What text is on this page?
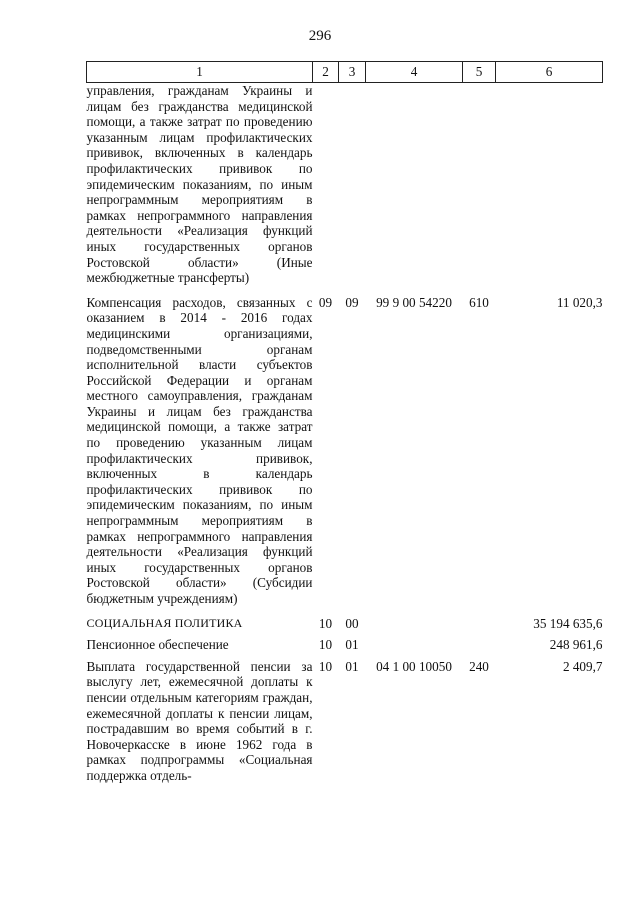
296
1	2	3	4	5	6
управления, гражданам Украины и лицам без гражданства медицинской помощи, а также затрат по проведению указанным лицам профилактических прививок, включенных в календарь профилактических прививок по эпидемическим показаниям, по иным непрограммным мероприятиям в рамках непрограммного направления деятельности «Реализация функций иных государственных органов Ростовской области» (Иные межбюджетные трансферты)					
Компенсация расходов, связанных с оказанием в 2014 - 2016 годах медицинскими организациями, подведомственными органам исполнительной власти субъектов Российской Федерации и органам местного самоуправления, гражданам Украины и лицам без гражданства медицинской помощи, а также затрат по проведению указанным лицам профилактических прививок, включенных в календарь профилактических прививок по эпидемическим показаниям, по иным непрограммным мероприятиям в рамках непрограммного направления деятельности «Реализация функций иных государственных органов Ростовской области» (Субсидии бюджетным учреждениям)	09	09	99 9 00 54220	610	11 020,3
СОЦИАЛЬНАЯ ПОЛИТИКА	10	00			35 194 635,6
Пенсионное обеспечение	10	01			248 961,6
Выплата государственной пенсии за выслугу лет, ежемесячной доплаты к пенсии отдельным категориям граждан, ежемесячной доплаты к пенсии лицам, пострадавшим во время событий в г. Новочеркасске в июне 1962 года в рамках подпрограммы «Социальная поддержка отдель-	10	01	04 1 00 10050	240	2 409,7
